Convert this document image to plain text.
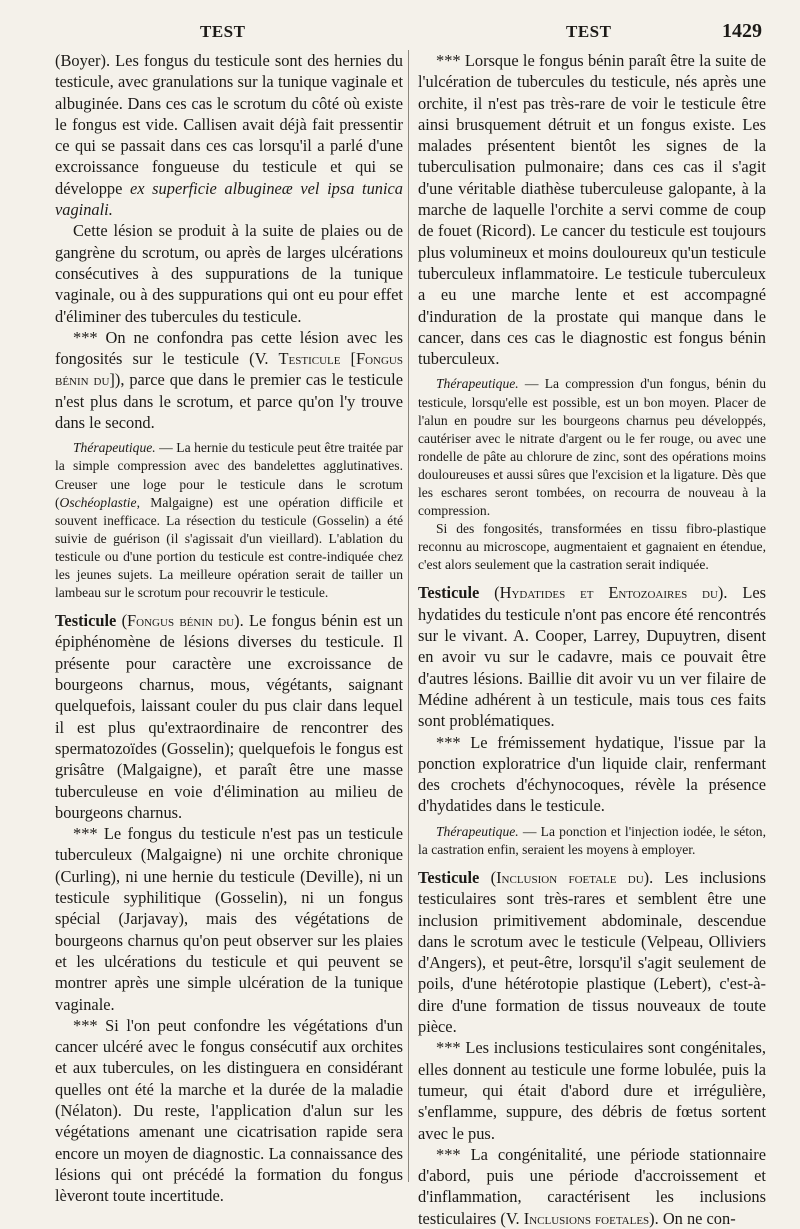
TEST	TEST	1429

(Boyer). Les fongus du testicule sont des hernies du testicule, avec granulations sur la tunique vaginale et albuginée. Dans ces cas le scrotum du côté où existe le fongus est vide. Callisen avait déjà fait pressentir ce qui se passait dans ces cas lorsqu'il a parlé d'une excroissance fongueuse du testicule et qui se développe ex superficie albugineæ vel ipsa tunica vaginali.

Cette lésion se produit à la suite de plaies ou de gangrène du scrotum, ou après de larges ulcérations consécutives à des suppurations de la tunique vaginale, ou à des suppurations qui ont eu pour effet d'éliminer des tubercules du testicule.

*** On ne confondra pas cette lésion avec les fongosités sur le testicule (V. Testicule [Fongus bénin du]), parce que dans le premier cas le testicule n'est plus dans le scrotum, et parce qu'on l'y trouve dans le second.

Thérapeutique. — La hernie du testicule peut être traitée par la simple compression avec des bandelettes agglutinatives. Creuser une loge pour le testicule dans le scrotum (Oschéoplastie, Malgaigne) est une opération difficile et souvent inefficace. La résection du testicule (Gosselin) a été suivie de guérison (il s'agissait d'un vieillard). L'ablation du testicule ou d'une portion du testicule est contre-indiquée chez les jeunes sujets. La meilleure opération serait de tailler un lambeau sur le scrotum pour recouvrir le testicule.

Testicule (Fongus bénin du). Le fongus bénin est un épiphénomène de lésions diverses du testicule. Il présente pour caractère une excroissance de bourgeons charnus, mous, végétants, saignant quelquefois, laissant couler du pus clair dans lequel il est plus qu'extraordinaire de rencontrer des spermatozoïdes (Gosselin); quelquefois le fongus est grisâtre (Malgaigne), et paraît être une masse tuberculeuse en voie d'élimination au milieu de bourgeons charnus.

*** Le fongus du testicule n'est pas un testicule tuberculeux (Malgaigne) ni une orchite chronique (Curling), ni une hernie du testicule (Deville), ni un testicule syphilitique (Gosselin), ni un fongus spécial (Jarjavay), mais des végétations de bourgeons charnus qu'on peut observer sur les plaies et les ulcérations du testicule et qui peuvent se montrer après une simple ulcération de la tunique vaginale.

*** Si l'on peut confondre les végétations d'un cancer ulcéré avec le fongus consécutif aux orchites et aux tubercules, on les distinguera en considérant quelles ont été la marche et la durée de la maladie (Nélaton). Du reste, l'application d'alun sur les végétations amenant une cicatrisation rapide sera encore un moyen de diagnostic. La connaissance des lésions qui ont précédé la formation du fongus lèveront toute incertitude.

*** Lorsque le fongus bénin paraît être la suite de l'ulcération de tubercules du testicule, nés après une orchite, il n'est pas très-rare de voir le testicule être ainsi brusquement détruit et un fongus existe. Les malades présentent bientôt les signes de la tuberculisation pulmonaire; dans ces cas il s'agit d'une véritable diathèse tuberculeuse galopante, à la marche de laquelle l'orchite a servi comme de coup de fouet (Ricord). Le cancer du testicule est toujours plus volumineux et moins douloureux qu'un testicule tuberculeux inflammatoire. Le testicule tuberculeux a eu une marche lente et est accompagné d'induration de la prostate qui manque dans le cancer, dans ces cas le diagnostic est fongus bénin tuberculeux.

Thérapeutique. — La compression d'un fongus, bénin du testicule, lorsqu'elle est possible, est un bon moyen. Placer de l'alun en poudre sur les bourgeons charnus peu développés, cautériser avec le nitrate d'argent ou le fer rouge, ou avec une rondelle de pâte au chlorure de zinc, sont des opérations moins douloureuses et aussi sûres que l'excision et la ligature. Dès que les eschares seront tombées, on recourra de nouveau à la compression.

Si des fongosités, transformées en tissu fibro-plastique reconnu au microscope, augmentaient et gagnaient en étendue, c'est alors seulement que la castration serait indiquée.

Testicule (Hydatides et Entozoaires du). Les hydatides du testicule n'ont pas encore été rencontrés sur le vivant. A. Cooper, Larrey, Dupuytren, disent en avoir vu sur le cadavre, mais ce pouvait être d'autres lésions. Baillie dit avoir vu un ver filaire de Médine adhérent à un testicule, mais tous ces faits sont problématiques.

*** Le frémissement hydatique, l'issue par la ponction exploratrice d'un liquide clair, renfermant des crochets d'échynocoques, révèle la présence d'hydatides dans le testicule.

Thérapeutique. — La ponction et l'injection iodée, le séton, la castration enfin, seraient les moyens à employer.

Testicule (Inclusion foetale du). Les inclusions testiculaires sont très-rares et semblent être une inclusion primitivement abdominale, descendue dans le scrotum avec le testicule (Velpeau, Olliviers d'Angers), et peut-être, lorsqu'il s'agit seulement de poils, d'une hétérotopie plastique (Lebert), c'est-à-dire d'une formation de tissus nouveaux de toute pièce.

*** Les inclusions testiculaires sont congénitales, elles donnent au testicule une forme lobulée, puis la tumeur, qui était d'abord dure et irrégulière, s'enflamme, suppure, des débris de fœtus sortent avec le pus.

*** La congénitalité, une période stationnaire d'abord, puis une période d'accroissement et d'inflammation, caractérisent les inclusions testiculaires (V. Inclusions foetales). On ne con-
